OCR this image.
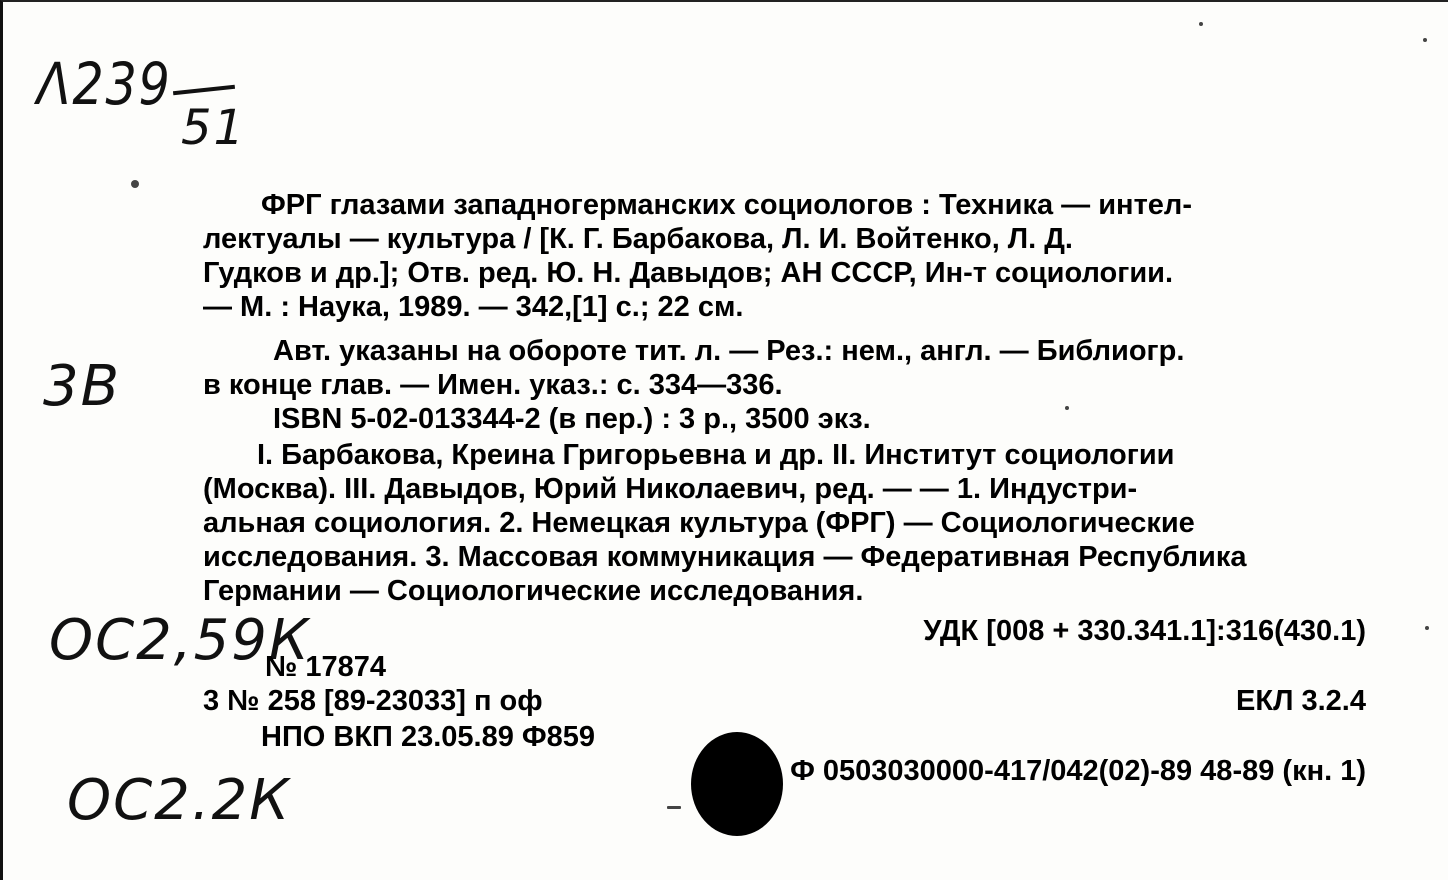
Λ239
51
3В
ОС2,59К
ОС2.2К
ФРГ глазами западногерманских социологов : Техника — интел-
лектуалы — культура / [К. Г. Барбакова, Л. И. Войтенко, Л. Д.
Гудков и др.]; Отв. ред. Ю. Н. Давыдов; АН СССР, Ин-т социологии.
— М. : Наука, 1989. — 342,[1] с.; 22 см.
Авт. указаны на обороте тит. л. — Рез.: нем., англ. — Библиогр.
в конце глав. — Имен. указ.: с. 334—336.
ISBN 5-02-013344-2 (в пер.) : 3 р., 3500 экз.
I. Барбакова, Креина Григорьевна и др. II. Институт социологии
(Москва). III. Давыдов, Юрий Николаевич, ред. — — 1. Индустри-
альная социология. 2. Немецкая культура (ФРГ) — Социологические
исследования. 3. Массовая коммуникация — Федеративная Республика
Германии — Социологические исследования.
УДК [008 + 330.341.1]:316(430.1)
№ 17874
3 № 258 [89-23033] п оф	ЕКЛ 3.2.4
НПО ВКП 23.05.89 Ф859
Ф 0503030000-417/042(02)-89 48-89 (кн. 1)
